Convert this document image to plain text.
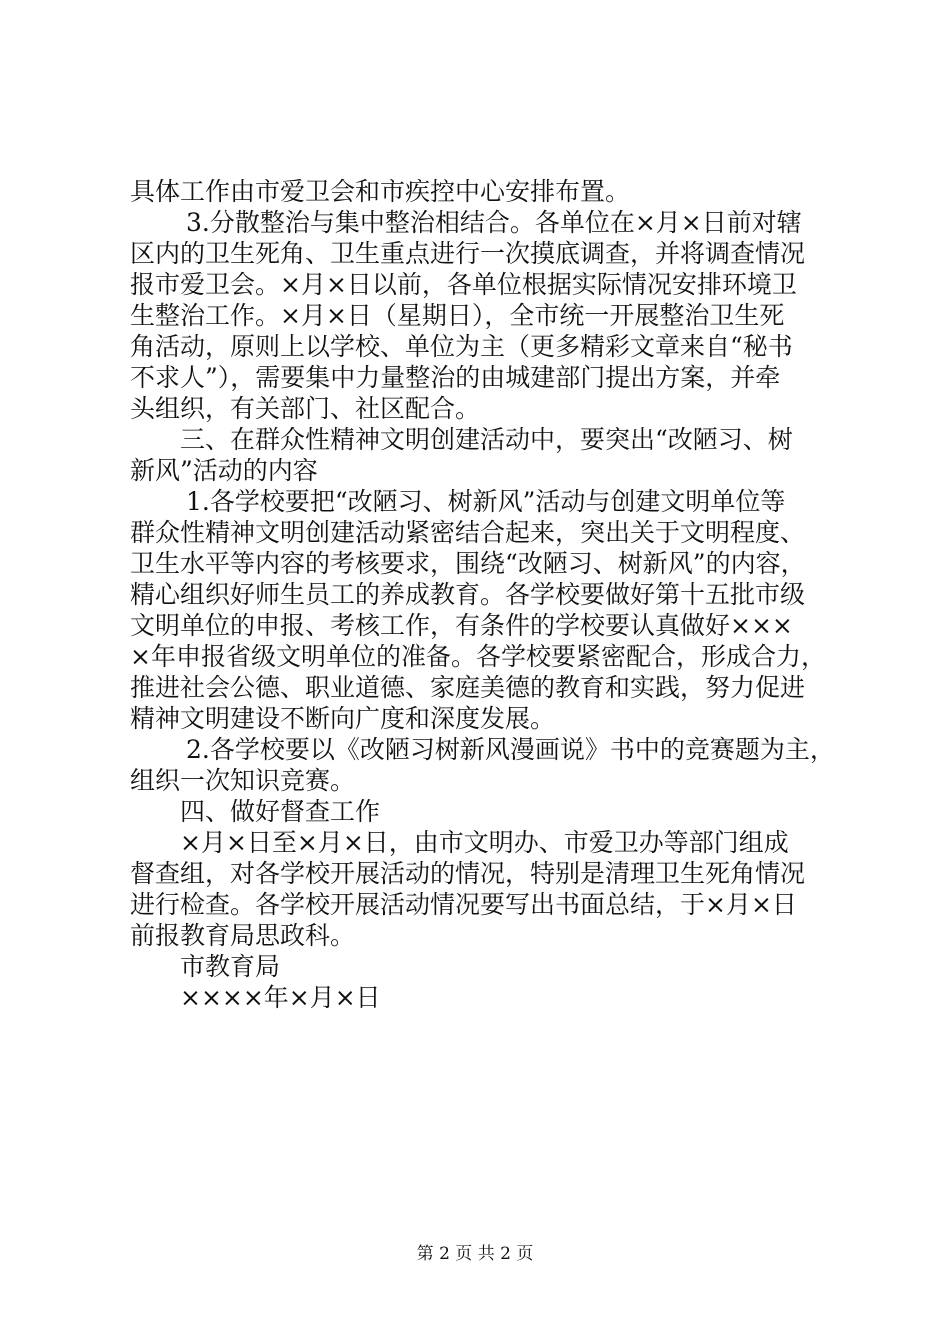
具体工作由市爱卫会和市疾控中心安排布置。
3.分散整治与集中整治相结合。各单位在×月×日前对辖
区内的卫生死角、卫生重点进行一次摸底调查，并将调查情况
报市爱卫会。×月×日以前，各单位根据实际情况安排环境卫
生整治工作。×月×日（星期日），全市统一开展整治卫生死
角活动，原则上以学校、单位为主（更多精彩文章来自“秘书
不求人”），需要集中力量整治的由城建部门提出方案，并牵
头组织，有关部门、社区配合。
三、在群众性精神文明创建活动中，要突出“改陋习、树
新风”活动的内容
1.各学校要把“改陋习、树新风”活动与创建文明单位等
群众性精神文明创建活动紧密结合起来，突出关于文明程度、
卫生水平等内容的考核要求，围绕“改陋习、树新风”的内容，
精心组织好师生员工的养成教育。各学校要做好第十五批市级
文明单位的申报、考核工作，有条件的学校要认真做好×××
×年申报省级文明单位的准备。各学校要紧密配合，形成合力，
推进社会公德、职业道德、家庭美德的教育和实践，努力促进
精神文明建设不断向广度和深度发展。
2.各学校要以《改陋习树新风漫画说》书中的竞赛题为主，
组织一次知识竞赛。
四、做好督查工作
×月×日至×月×日，由市文明办、市爱卫办等部门组成
督查组，对各学校开展活动的情况，特别是清理卫生死角情况
进行检查。各学校开展活动情况要写出书面总结，于×月×日
前报教育局思政科。
市教育局
××××年×月×日
第 2 页 共 2 页
